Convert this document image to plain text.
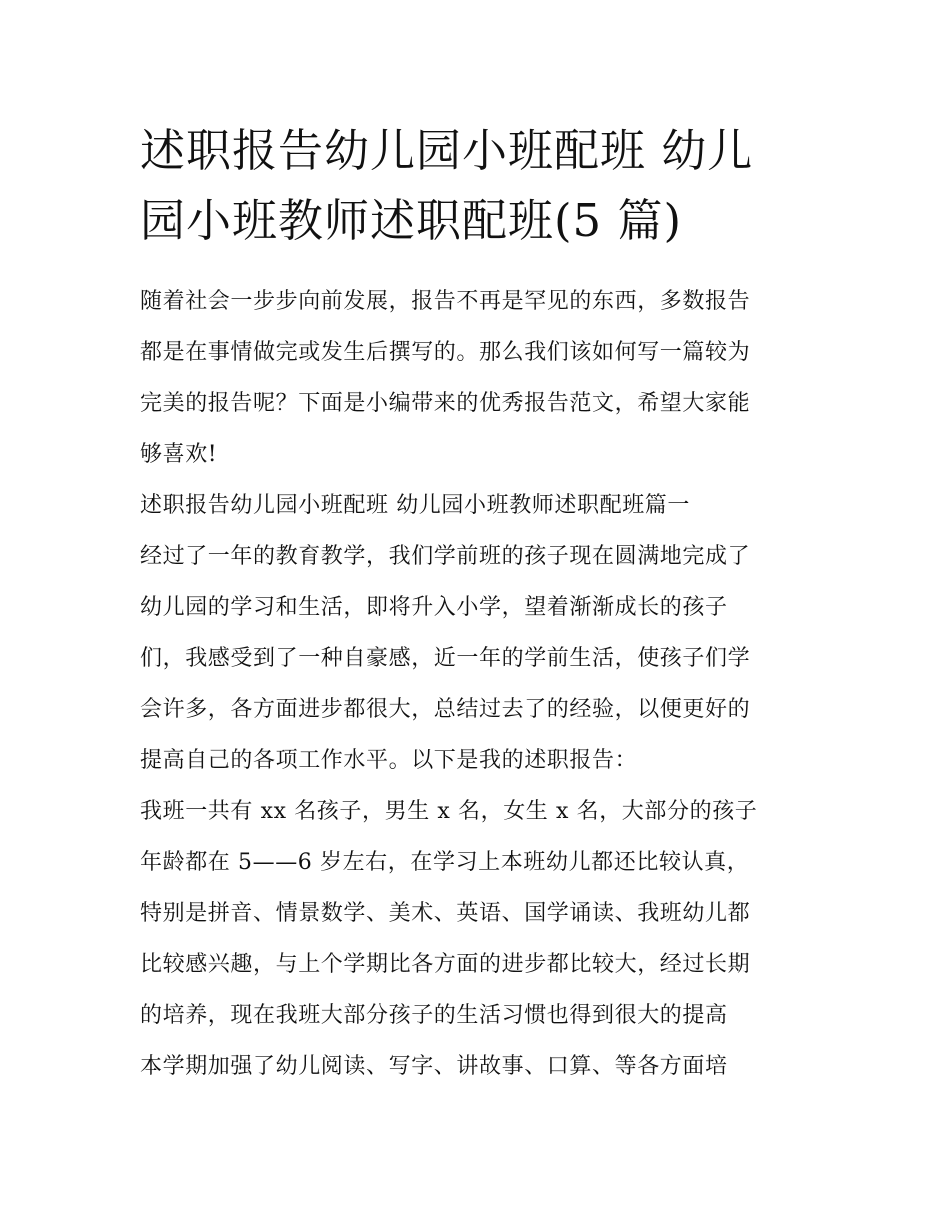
述职报告幼儿园小班配班 幼儿
园小班教师述职配班(5 篇)
随着社会一步步向前发展，报告不再是罕见的东西，多数报告
都是在事情做完或发生后撰写的。那么我们该如何写一篇较为
完美的报告呢？下面是小编带来的优秀报告范文，希望大家能
够喜欢!
述职报告幼儿园小班配班 幼儿园小班教师述职配班篇一
经过了一年的教育教学，我们学前班的孩子现在圆满地完成了
幼儿园的学习和生活，即将升入小学，望着渐渐成长的孩子
们，我感受到了一种自豪感，近一年的学前生活，使孩子们学
会许多，各方面进步都很大，总结过去了的经验，以便更好的
提高自己的各项工作水平。以下是我的述职报告：
我班一共有 xx 名孩子，男生 x 名，女生 x 名，大部分的孩子
年龄都在 5——6 岁左右，在学习上本班幼儿都还比较认真，
特别是拼音、情景数学、美术、英语、国学诵读、我班幼儿都
比较感兴趣，与上个学期比各方面的进步都比较大，经过长期
的培养，现在我班大部分孩子的生活习惯也得到很大的提高
本学期加强了幼儿阅读、写字、讲故事、口算、等各方面培
